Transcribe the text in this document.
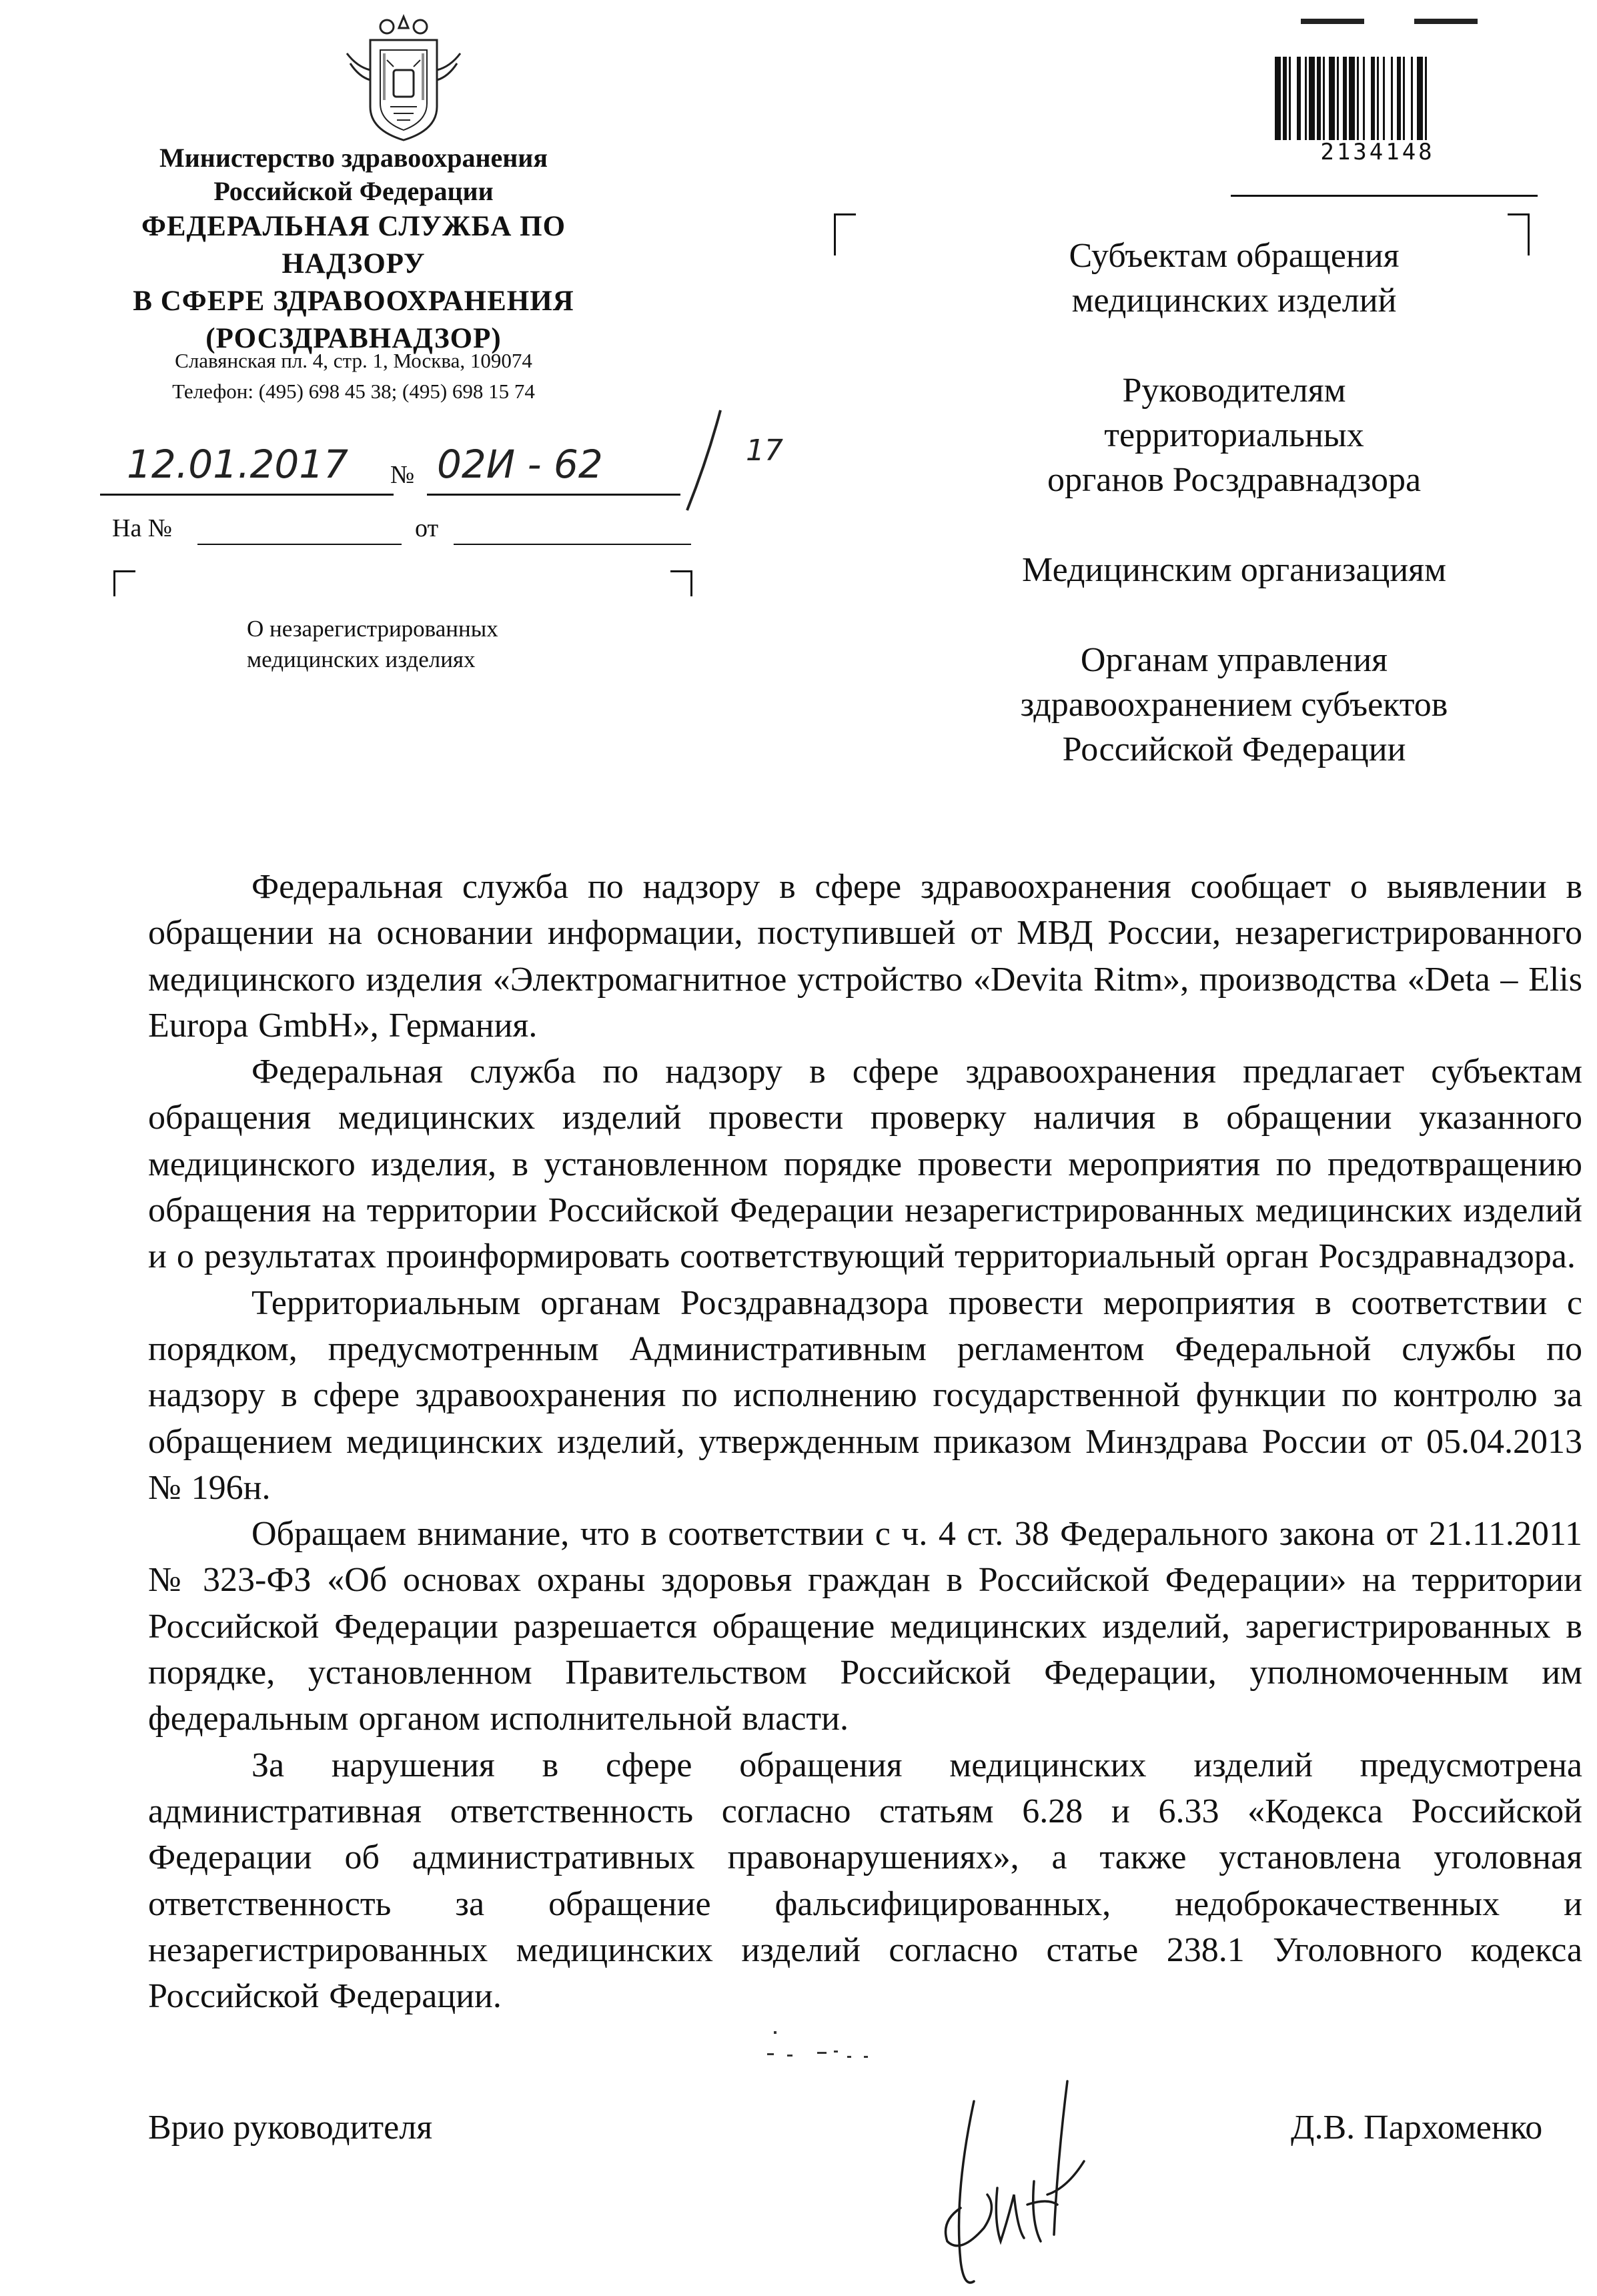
Министерство здравоохранения
Российской Федерации
ФЕДЕРАЛЬНАЯ СЛУЖБА ПО НАДЗОРУ
В СФЕРЕ ЗДРАВООХРАНЕНИЯ
(РОСЗДРАВНАДЗОР)
Славянская пл. 4, стр. 1, Москва, 109074
Телефон: (495) 698 45 38; (495) 698 15 74
12.01.2017 № 02И - 62	17
На №	от
О незарегистрированных
медицинских изделиях
2134148
Субъектам обращения
медицинских изделий
Руководителям
территориальных
органов Росздравнадзора
Медицинским организациям
Органам управления
здравоохранением субъектов
Российской Федерации

Федеральная служба по надзору в сфере здравоохранения сообщает о выявлении в обращении на основании информации, поступившей от МВД России, незарегистрированного медицинского изделия «Электромагнитное устройство «Devita Ritm», производства «Deta – Elis Europa GmbH», Германия.

Федеральная служба по надзору в сфере здравоохранения предлагает субъектам обращения медицинских изделий провести проверку наличия в обращении указанного медицинского изделия, в установленном порядке провести мероприятия по предотвращению обращения на территории Российской Федерации незарегистрированных медицинских изделий и о результатах проинформировать соответствующий территориальный орган Росздравнадзора.

Территориальным органам Росздравнадзора провести мероприятия в соответствии с порядком, предусмотренным Административным регламентом Федеральной службы по надзору в сфере здравоохранения по исполнению государственной функции по контролю за обращением медицинских изделий, утвержденным приказом Минздрава России от 05.04.2013 № 196н.

Обращаем внимание, что в соответствии с ч. 4 ст. 38 Федерального закона от 21.11.2011 № 323-ФЗ «Об основах охраны здоровья граждан в Российской Федерации» на территории Российской Федерации разрешается обращение медицинских изделий, зарегистрированных в порядке, установленном Правительством Российской Федерации, уполномоченным им федеральным органом исполнительной власти.

За нарушения в сфере обращения медицинских изделий предусмотрена административная ответственность согласно статьям 6.28 и 6.33 «Кодекса Российской Федерации об административных правонарушениях», а также установлена уголовная ответственность за обращение фальсифицированных, недоброкачественных и незарегистрированных медицинских изделий согласно статье 238.1 Уголовного кодекса Российской Федерации.

Врио руководителя	Д.В. Пархоменко
